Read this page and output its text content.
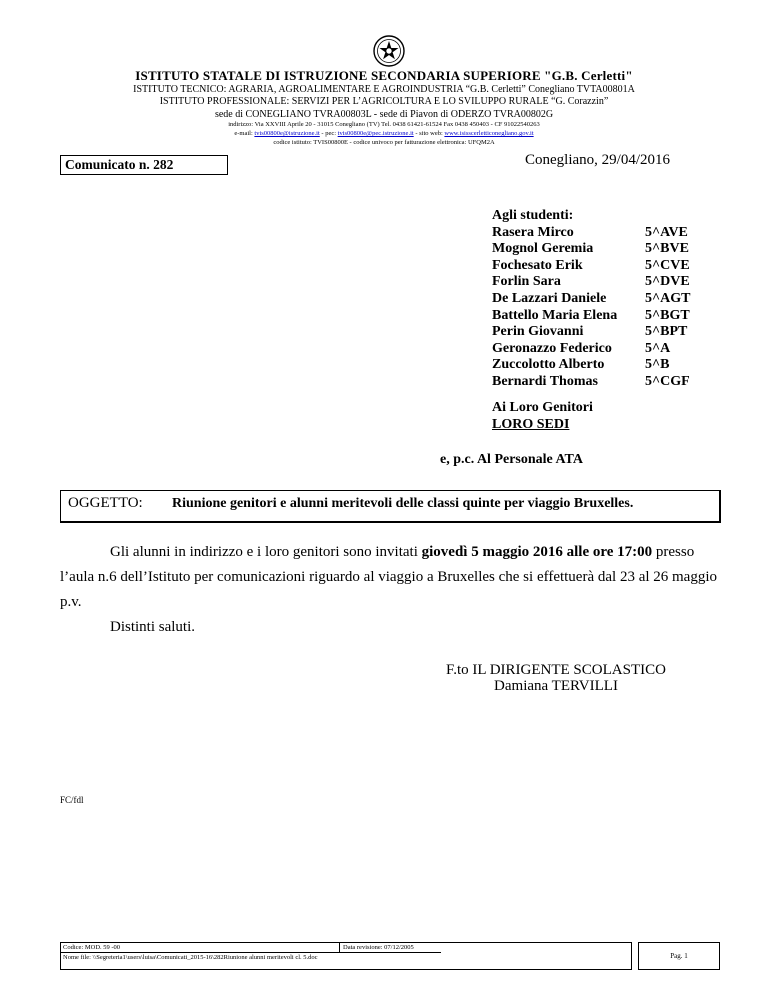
ISTITUTO STATALE DI ISTRUZIONE SECONDARIA SUPERIORE "G.B. Cerletti"
ISTITUTO TECNICO: AGRARIA, AGROALIMENTARE E AGROINDUSTRIA “G.B. Cerletti” Conegliano TVTA00801A
ISTITUTO PROFESSIONALE: SERVIZI PER L’AGRICOLTURA E LO SVILUPPO RURALE “G. Corazzin”
sede di CONEGLIANO TVRA00803L - sede di Piavon di ODERZO TVRA00802G
indirizzo: Via XXVIII Aprile 20 - 31015 Conegliano (TV) Tel. 0438 61421-61524 Fax 0438 450403 - CF 91022540263
e-mail: tvis00800e@istruzione.it - pec: tvis00800e@pec.istruzione.it - sito web: www.isisscerletticonegliano.gov.it
codice istituto: TVIS00800E - codice univoco per fatturazione elettronica: UFQM2A
Comunicato n. 282	Conegliano, 29/04/2016
Agli studenti:
Rasera Mirco	5^AVE
Mognol Geremia	5^BVE
Fochesato Erik	5^CVE
Forlin Sara	5^DVE
De Lazzari Daniele	5^AGT
Battello Maria Elena	5^BGT
Perin Giovanni	5^BPT
Geronazzo Federico	5^A
Zuccolotto Alberto	5^B
Bernardi Thomas	5^CGF
Ai Loro Genitori
LORO SEDI
e, p.c. Al Personale ATA
OGGETTO: Riunione genitori e alunni meritevoli delle classi quinte per viaggio Bruxelles.

Gli alunni in indirizzo e i loro genitori sono invitati giovedì 5 maggio 2016 alle ore 17:00 presso l’aula n.6 dell’Istituto per comunicazioni riguardo al viaggio a Bruxelles che si effettuerà dal 23 al 26 maggio p.v.

Distinti saluti.

F.to IL DIRIGENTE SCOLASTICO
Damiana TERVILLI
FC/fdl
Codice: MOD. 59 -00	Data revisione: 07/12/2005
Nome file: \\Segreteria1\users\luisa\Comunicati_2015-16\282Riunione alunni meritevoli cl. 5.doc	Pag. 1
